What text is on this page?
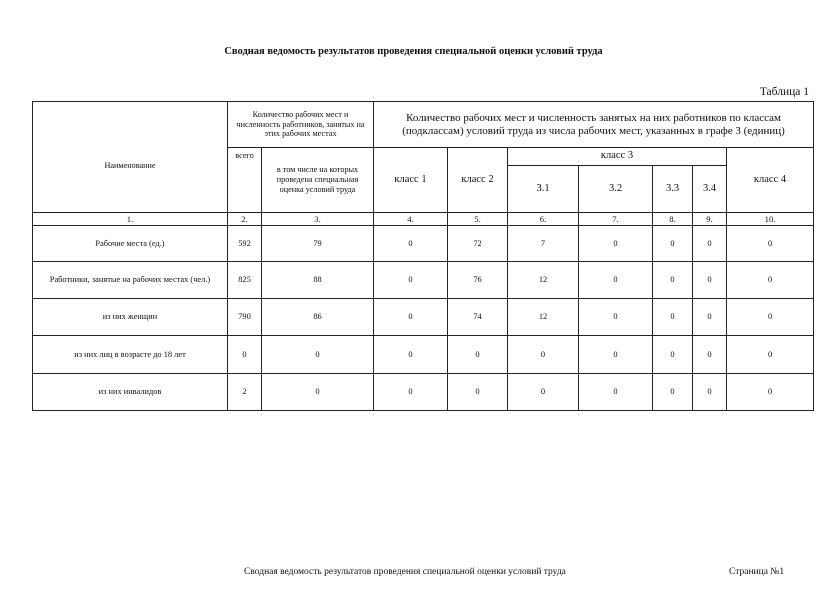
Сводная ведомость результатов проведения специальной оценки условий труда
Таблица 1
Наименование	Количество рабочих мест и численность работников, занятых на этих рабочих местах		Количество рабочих мест и численность занятых на них работников по классам (подклассам) условий труда из числа рабочих мест, указанных в графе 3 (единиц)						
	всего	в том числе на которых проведена специальная оценка условий труда	класс 1	класс 2	класс 3				класс 4
					3.1	3.2	3.3	3.4	
1.	2.	3.	4.	5.	6.	7.	8.	9.	10.
Рабочие места (ед.)	592	79	0	72	7	0	0	0	0
Работники, занятые на рабочих местах (чел.)	825	88	0	76	12	0	0	0	0
из них женщин	790	86	0	74	12	0	0	0	0
из них лиц в возрасте до 18 лет	0	0	0	0	0	0	0	0	0
из них инвалидов	2	0	0	0	0	0	0	0	0
Сводная ведомость результатов проведения специальной оценки условий труда	Страница №1
